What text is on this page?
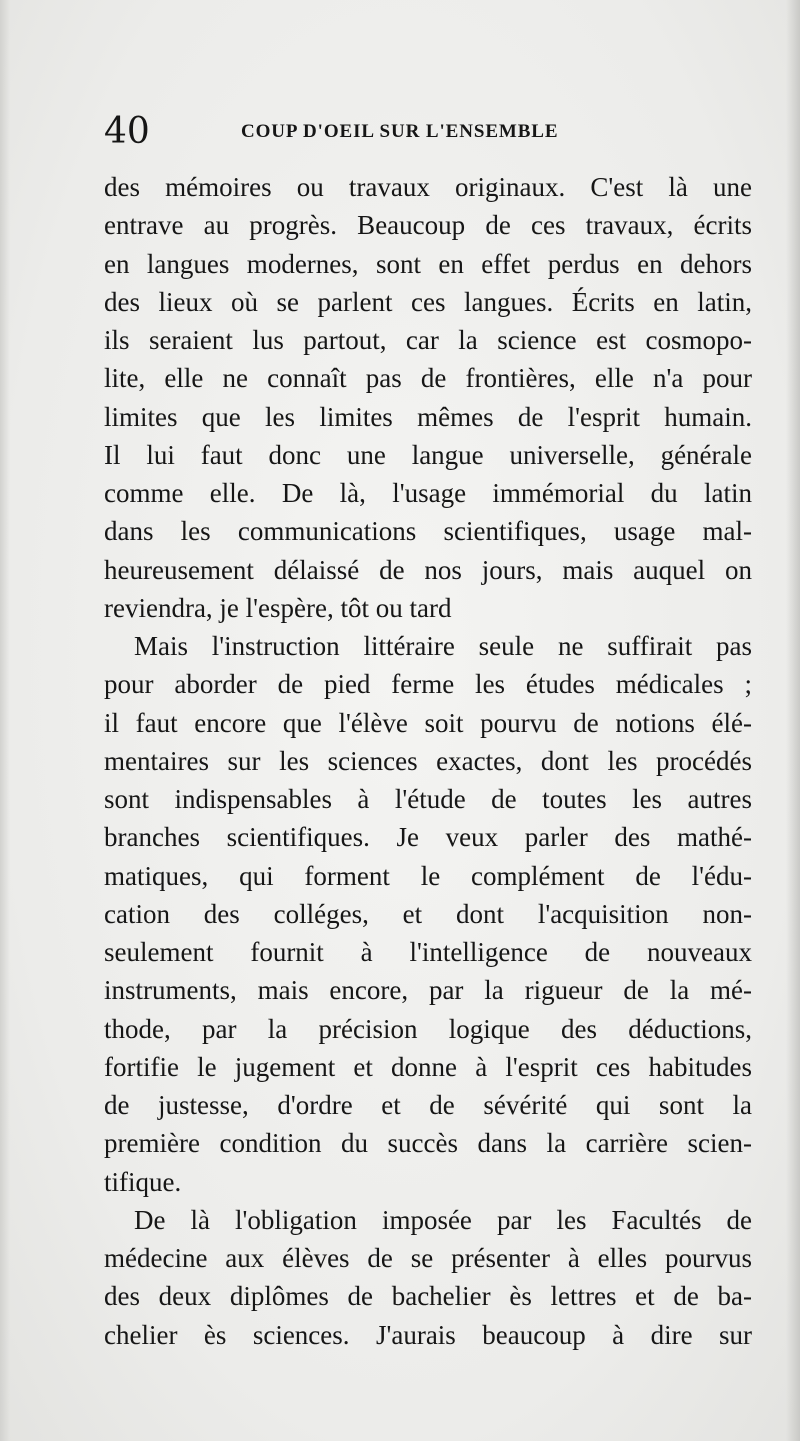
40	COUP D'OEIL SUR L'ENSEMBLE
des mémoires ou travaux originaux. C'est là une
entrave au progrès. Beaucoup de ces travaux, écrits
en langues modernes, sont en effet perdus en dehors
des lieux où se parlent ces langues. Écrits en latin,
ils seraient lus partout, car la science est cosmopo-
lite, elle ne connaît pas de frontières, elle n'a pour
limites que les limites mêmes de l'esprit humain.
Il lui faut donc une langue universelle, générale
comme elle. De là, l'usage immémorial du latin
dans les communications scientifiques, usage mal-
heureusement délaissé de nos jours, mais auquel on
reviendra, je l'espère, tôt ou tard
Mais l'instruction littéraire seule ne suffirait pas
pour aborder de pied ferme les études médicales ;
il faut encore que l'élève soit pourvu de notions élé-
mentaires sur les sciences exactes, dont les procédés
sont indispensables à l'étude de toutes les autres
branches scientifiques. Je veux parler des mathé-
matiques, qui forment le complément de l'édu-
cation des colléges, et dont l'acquisition non-
seulement fournit à l'intelligence de nouveaux
instruments, mais encore, par la rigueur de la mé-
thode, par la précision logique des déductions,
fortifie le jugement et donne à l'esprit ces habitudes
de justesse, d'ordre et de sévérité qui sont la
première condition du succès dans la carrière scien-
tifique.
De là l'obligation imposée par les Facultés de
médecine aux élèves de se présenter à elles pourvus
des deux diplômes de bachelier ès lettres et de ba-
chelier ès sciences. J'aurais beaucoup à dire sur
